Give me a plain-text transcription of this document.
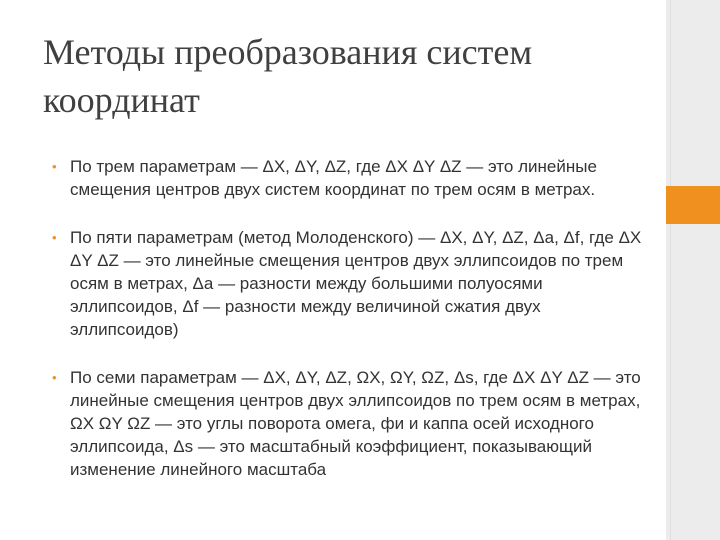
Методы преобразования систем координат
• По трем параметрам — ΔX, ΔY, ΔZ, где ΔX ΔY ΔZ — это линейные смещения центров двух систем координат по трем осям в метрах.
• По пяти параметрам (метод Молоденского) — ΔX, ΔY, ΔZ, Δa, Δf, где ΔX ΔY ΔZ — это линейные смещения центров двух эллипсоидов по трем осям в метрах, Δa — разности между большими полуосями эллипсоидов, Δf — разности между величиной сжатия двух эллипсоидов)
• По семи параметрам — ΔX, ΔY, ΔZ, ΩX, ΩY, ΩZ, Δs, где ΔX ΔY ΔZ — это линейные смещения центров двух эллипсоидов по трем осям в метрах, ΩX ΩY ΩZ — это углы поворота омега, фи и каппа осей исходного эллипсоида, Δs — это масштабный коэффициент, показывающий изменение линейного масштаба
